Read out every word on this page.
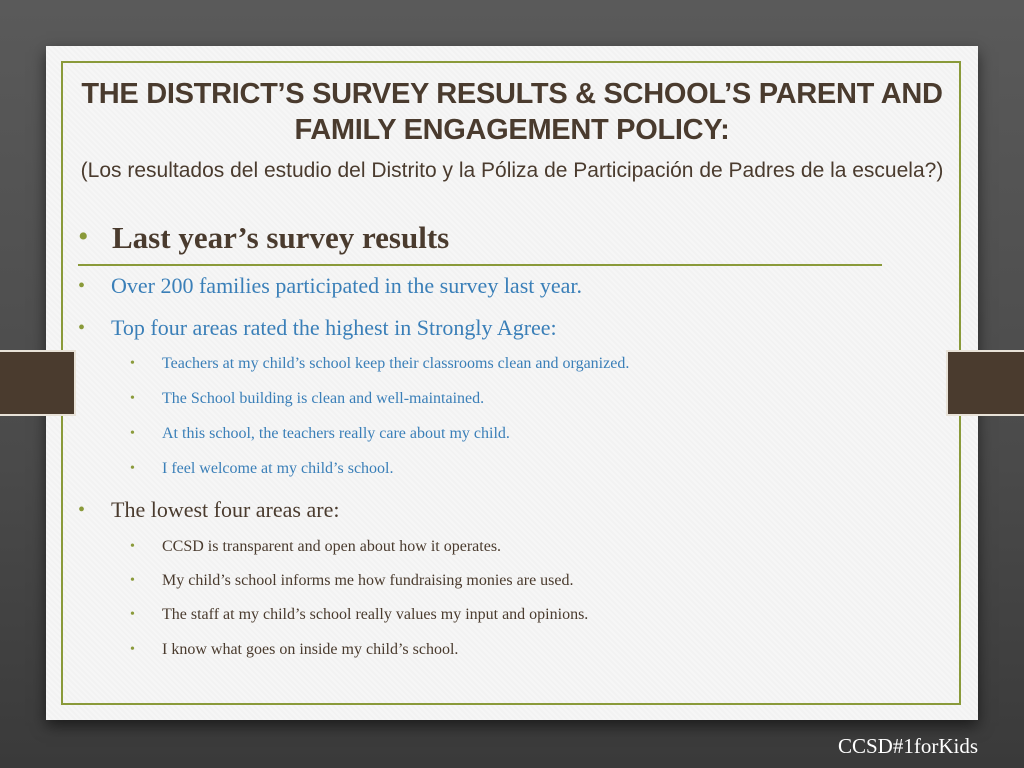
THE DISTRICT’S SURVEY RESULTS & SCHOOL’S PARENT AND FAMILY ENGAGEMENT POLICY:
(Los resultados del estudio del Distrito y la Póliza de Participación de Padres de la escuela?)
• Last year’s survey results
• Over 200 families participated in the survey last year.
• Top four areas rated the highest in Strongly Agree:
• Teachers at my child’s school keep their classrooms clean and organized.
• The School building is clean and well-maintained.
• At this school, the teachers really care about my child.
• I feel welcome at my child’s school.
• The lowest four areas are:
• CCSD is transparent and open about how it operates.
• My child’s school informs me how fundraising monies are used.
• The staff at my child’s school really values my input and opinions.
• I know what goes on inside my child’s school.
CCSD#1forKids
